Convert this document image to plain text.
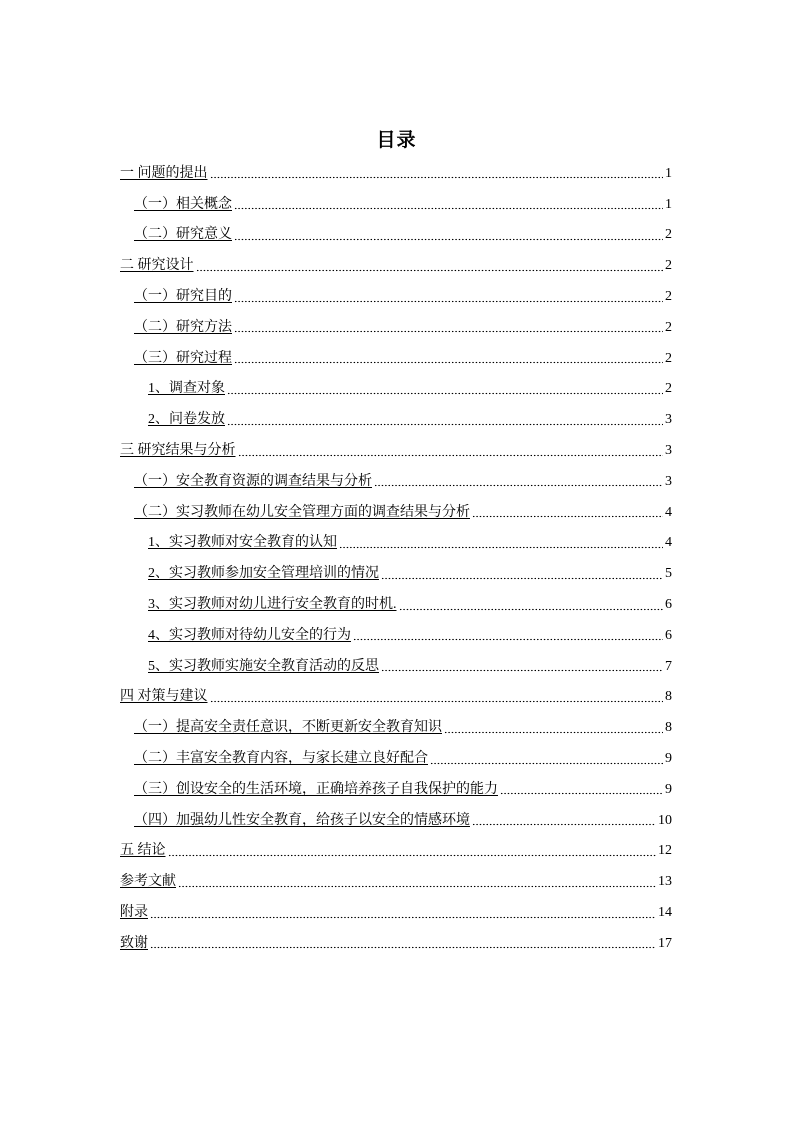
目录
一 问题的提出	1
（一）相关概念	1
（二）研究意义	2
二 研究设计	2
（一）研究目的	2
（二）研究方法	2
（三）研究过程	2
1、调查对象	2
2、问卷发放	3
三 研究结果与分析	3
（一）安全教育资源的调查结果与分析	3
（二）实习教师在幼儿安全管理方面的调查结果与分析	4
1、实习教师对安全教育的认知	4
2、实习教师参加安全管理培训的情况	5
3、实习教师对幼儿进行安全教育的时机.	6
4、实习教师对待幼儿安全的行为	6
5、实习教师实施安全教育活动的反思	7
四 对策与建议	8
（一）提高安全责任意识，不断更新安全教育知识	8
（二）丰富安全教育内容，与家长建立良好配合	9
（三）创设安全的生活环境，正确培养孩子自我保护的能力	9
（四）加强幼儿性安全教育，给孩子以安全的情感环境	10
五 结论	12
参考文献	13
附录	14
致谢	17
